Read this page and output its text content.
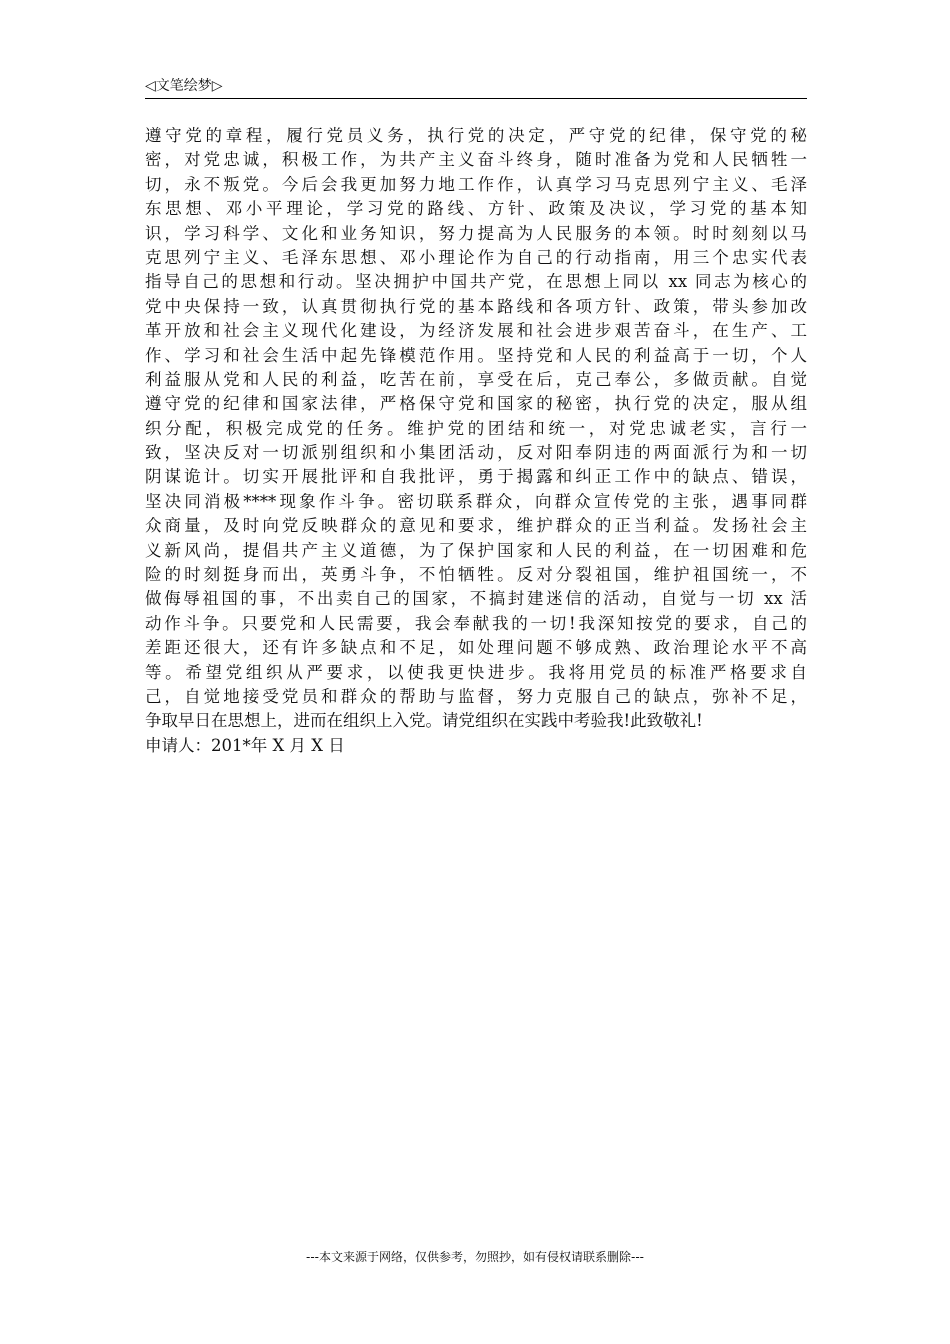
◁文笔绘梦▷
遵守党的章程，履行党员义务，执行党的决定，严守党的纪律，保守党的秘
密，对党忠诚，积极工作，为共产主义奋斗终身，随时准备为党和人民牺牲一
切，永不叛党。今后会我更加努力地工作作，认真学习马克思列宁主义、毛泽
东思想、邓小平理论，学习党的路线、方针、政策及决议，学习党的基本知
识，学习科学、文化和业务知识，努力提高为人民服务的本领。时时刻刻以马
克思列宁主义、毛泽东思想、邓小理论作为自己的行动指南，用三个忠实代表
指导自己的思想和行动。坚决拥护中国共产党，在思想上同以 xx 同志为核心的
党中央保持一致，认真贯彻执行党的基本路线和各项方针、政策，带头参加改
革开放和社会主义现代化建设，为经济发展和社会进步艰苦奋斗，在生产、工
作、学习和社会生活中起先锋模范作用。坚持党和人民的利益高于一切，个人
利益服从党和人民的利益，吃苦在前，享受在后，克己奉公，多做贡献。自觉
遵守党的纪律和国家法律，严格保守党和国家的秘密，执行党的决定，服从组
织分配，积极完成党的任务。维护党的团结和统一，对党忠诚老实，言行一
致，坚决反对一切派别组织和小集团活动，反对阳奉阴违的两面派行为和一切
阴谋诡计。切实开展批评和自我批评，勇于揭露和纠正工作中的缺点、错误，
坚决同消极****现象作斗争。密切联系群众，向群众宣传党的主张，遇事同群
众商量，及时向党反映群众的意见和要求，维护群众的正当利益。发扬社会主
义新风尚，提倡共产主义道德，为了保护国家和人民的利益，在一切困难和危
险的时刻挺身而出，英勇斗争，不怕牺牲。反对分裂祖国，维护祖国统一，不
做侮辱祖国的事，不出卖自己的国家，不搞封建迷信的活动，自觉与一切 xx 活
动作斗争。只要党和人民需要，我会奉献我的一切!我深知按党的要求，自己的
差距还很大，还有许多缺点和不足，如处理问题不够成熟、政治理论水平不高
等。希望党组织从严要求，以使我更快进步。我将用党员的标准严格要求自
己，自觉地接受党员和群众的帮助与监督，努力克服自己的缺点，弥补不足，
争取早日在思想上，进而在组织上入党。请党组织在实践中考验我!此致敬礼!
申请人：201*年 X 月 X 日
---本文来源于网络，仅供参考，勿照抄，如有侵权请联系删除---
